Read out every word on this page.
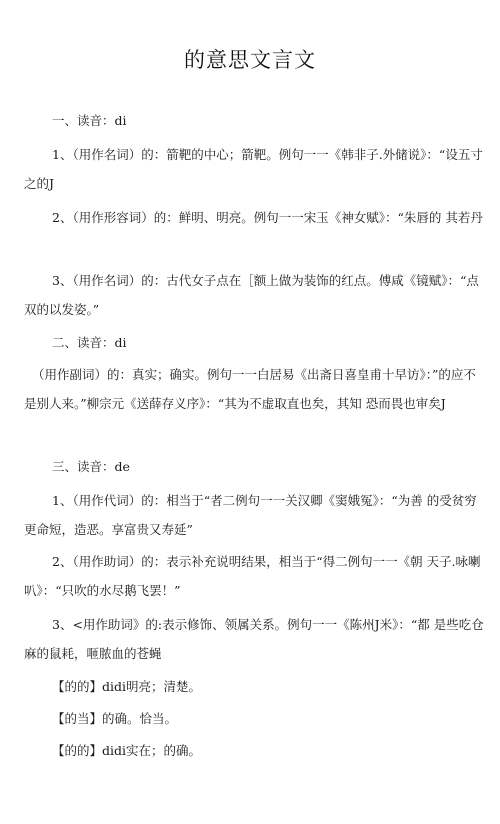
的意思文言文

一、读音：di

1、（用作名词）的：箭靶的中心；箭靶。例句一一《韩非子.外储说》：“设五寸之的J

2、（用作形容词）的：鲜明、明亮。例句一一宋玉《神女赋》：“朱唇的 其若丹

3、（用作名词）的：古代女子点在［额上做为装饰的红点。傅咸《镜赋》：“点双的以发姿。”

二、读音：di

（用作副词）的：真实；确实。例句一一白居易《出斋日喜皇甫十早访》：”的应不是别人来。”柳宗元《送薛存义序》：“其为不虚取直也矣，其知 恐而畏也审矣J

三、读音：de

1、（用作代词）的：相当于“者二例句一一关汉卿《窦娥冤》：“为善 的受贫穷更命短，造恶。享富贵又寿延”

2、（用作助词）的：表示补充说明结果，相当于“得二例句一一《朝 天子.咏喇叭》：“只吹的水尽鹅飞罢！”

3、<用作助词》的:表示修饰、领属关系。例句一一《陈州J米》：“都 是些吃仓麻的鼠耗，咂脓血的苍蝇

【的的】didi明亮；清楚。

【的当】的确。恰当。

【的的】didi实在；的确。
